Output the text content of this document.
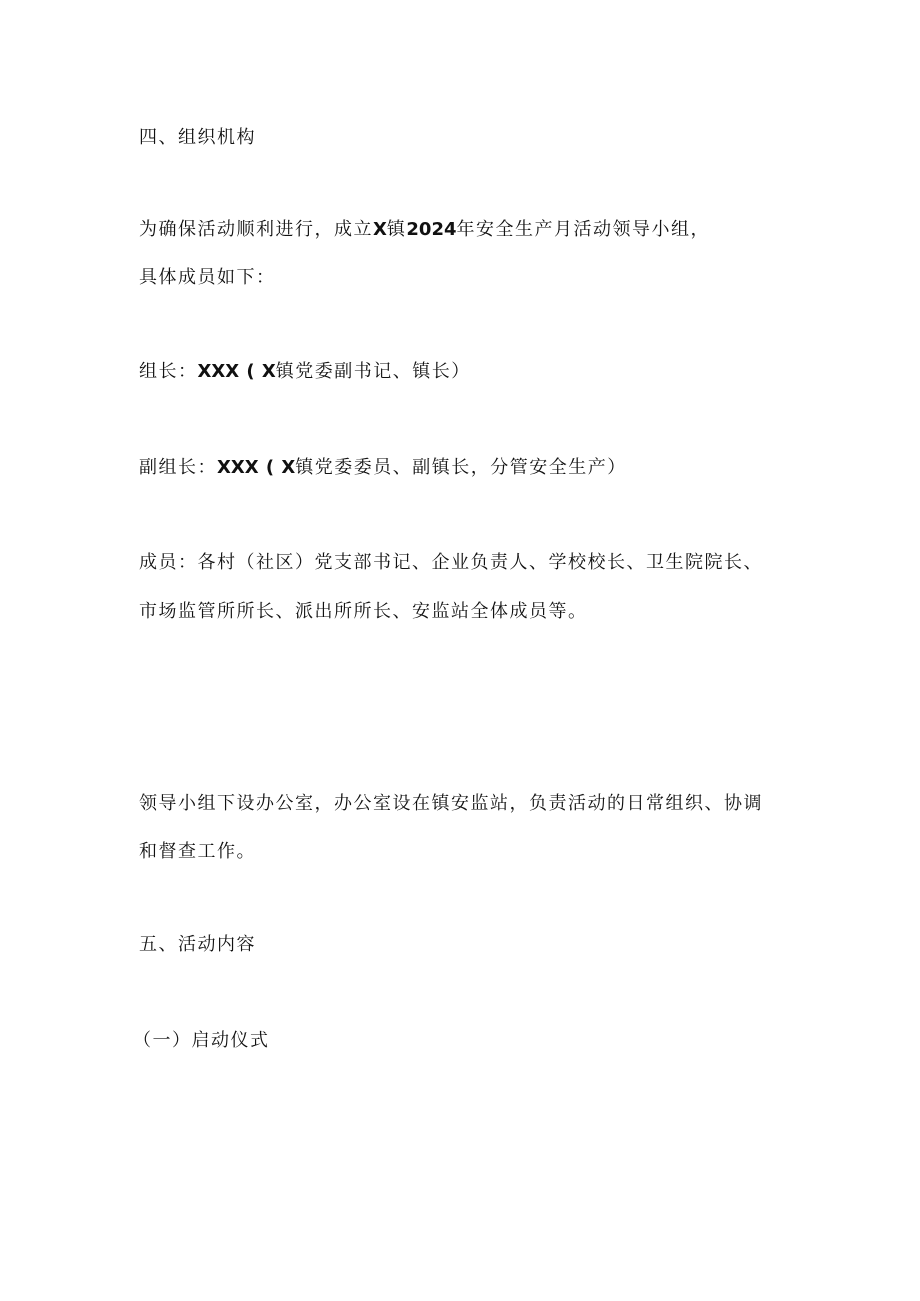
四、组织机构
为确保活动顺利进行，成立X镇2024年安全生产月活动领导小组，
具体成员如下：
组长：XXX ( X镇党委副书记、镇长）
副组长：XXX ( X镇党委委员、副镇长，分管安全生产）
成员：各村（社区）党支部书记、企业负责人、学校校长、卫生院院长、
市场监管所所长、派出所所长、安监站全体成员等。
领导小组下设办公室，办公室设在镇安监站，负责活动的日常组织、协调
和督查工作。
五、活动内容
（一）启动仪式
